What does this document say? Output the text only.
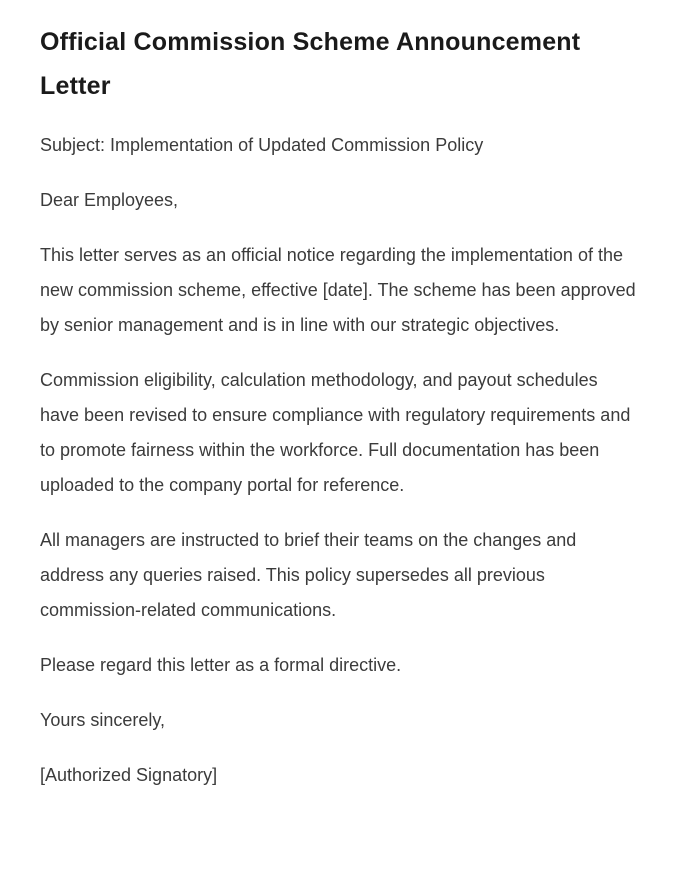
Official Commission Scheme Announcement Letter

Subject: Implementation of Updated Commission Policy

Dear Employees,

This letter serves as an official notice regarding the implementation of the new commission scheme, effective [date]. The scheme has been approved by senior management and is in line with our strategic objectives.

Commission eligibility, calculation methodology, and payout schedules have been revised to ensure compliance with regulatory requirements and to promote fairness within the workforce. Full documentation has been uploaded to the company portal for reference.

All managers are instructed to brief their teams on the changes and address any queries raised. This policy supersedes all previous commission-related communications.

Please regard this letter as a formal directive.

Yours sincerely,

[Authorized Signatory]
